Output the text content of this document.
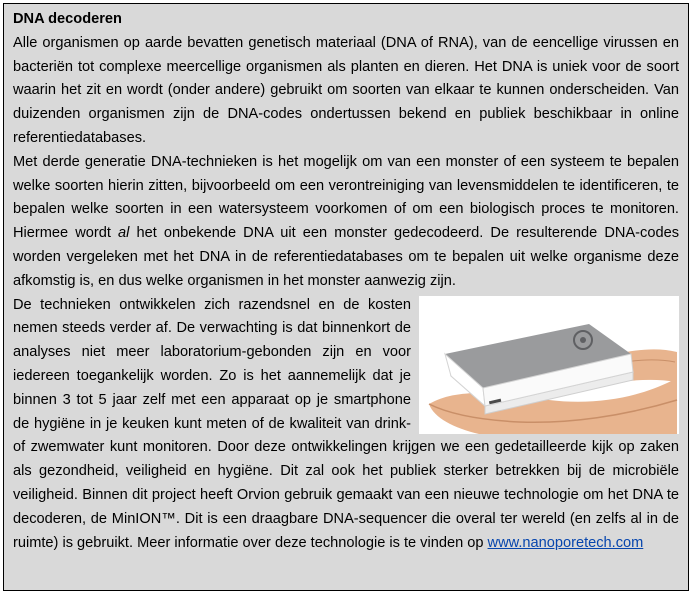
DNA decoderen

Alle organismen op aarde bevatten genetisch materiaal (DNA of RNA), van de eencellige virussen en bacteriën tot complexe meercellige organismen als planten en dieren. Het DNA is uniek voor de soort waarin het zit en wordt (onder andere) gebruikt om soorten van elkaar te kunnen onderscheiden. Van duizenden organismen zijn de DNA-codes ondertussen bekend en publiek beschikbaar in online referentiedatabases.

Met derde generatie DNA-technieken is het mogelijk om van een monster of een systeem te bepalen welke soorten hierin zitten, bijvoorbeeld om een verontreiniging van levensmiddelen te identificeren, te bepalen welke soorten in een watersysteem voorkomen of om een biologisch proces te monitoren. Hiermee wordt al het onbekende DNA uit een monster gedecodeerd. De resulterende DNA-codes worden vergeleken met het DNA in de referentiedatabases om te bepalen uit welke organisme deze afkomstig is, en dus welke organismen in het monster aanwezig zijn.

De technieken ontwikkelen zich razendsnel en de kosten nemen steeds verder af. De verwachting is dat binnenkort de analyses niet meer laboratorium-gebonden zijn en voor iedereen toegankelijk worden. Zo is het aannemelijk dat je binnen 3 tot 5 jaar zelf met een apparaat op je smartphone de hygiëne in je keuken kunt meten of de kwaliteit van drink- of zwemwater kunt monitoren. Door deze ontwikkelingen krijgen we een gedetailleerde kijk op zaken als gezondheid, veiligheid en hygiëne. Dit zal ook het publiek sterker betrekken bij de microbiële veiligheid. Binnen dit project heeft Orvion gebruik gemaakt van een nieuwe technologie om het DNA te decoderen, de MinION™. Dit is een draagbare DNA-sequencer die overal ter wereld (en zelfs al in de ruimte) is gebruikt. Meer informatie over deze technologie is te vinden op www.nanoporetech.com
